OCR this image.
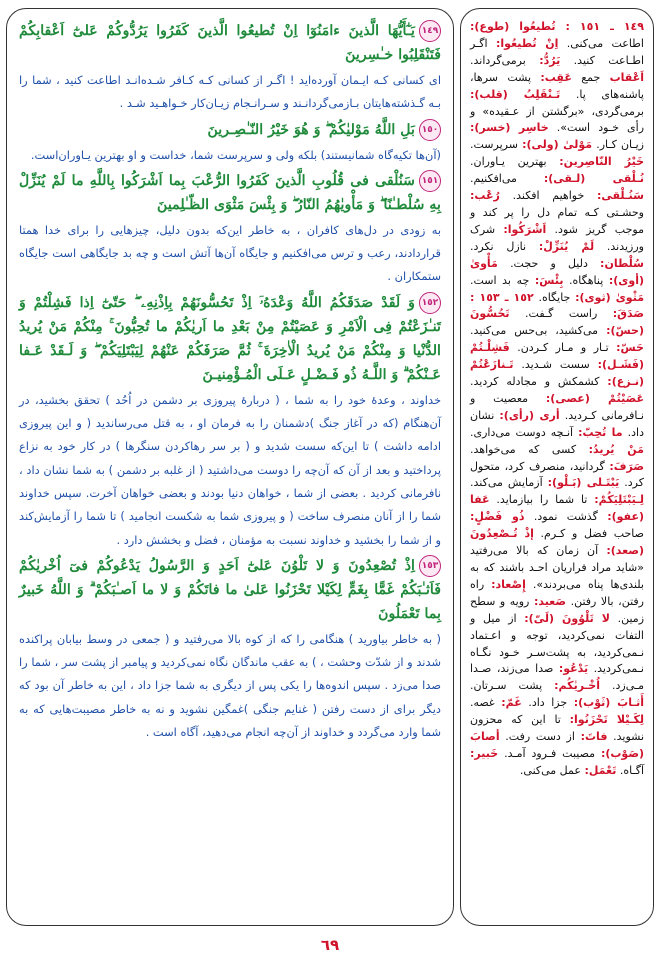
١٤٩يَـٰٓأَيُّهَا الَّذينَ ءامَنُوٓا اِنْ تُطيعُوا الَّذينَ كَفَرُوا يَرُدُّوكُمْ عَلىٰٓ اَعْقابِكُمْ فَتَنْقَلِبُوا خـٰسِرينَ
ای کسانی کـه ایـمان آورده‌اید ! اگـر از کسانی کـه کـافر شـده‌انـد اطاعت کنید ، شما را بـه گـذشته‌هایتان بـازمی‌گردانـند و سـرانـجام زیـان‌کار خـواهـید شـد .
١٥٠بَلِ اللَّهُ مَوْليٰكُمْ ۖ وَ هُوَ خَيْرُ النّـٰصِـرينَ
(آن‌ها تکیه‌گاه شمانیستند) بلکه ولی و سرپرست شما، خداست و او بهترین یـاوران‌است.
١٥١سَنُلْقى فى قُلُوبِ الَّذينَ كَفَرُوا الرُّعْبَ بِما اَشْرَكُوا بِاللَّهِ ما لَمْ يُنَزِّلْ بِهِ سُلْطـٰنًا ۖ وَ مَأْويٰهُمُ النّارُ ۖ وَ بِئْسَ مَثْوَى الظّـٰلِمينَ
به زودی در دل‌های کافران ، به خاطر این‌که بدون دلیل، چیزهایی را برای خدا همتا قراردادند، رعب و ترس می‌افکنیم و جایگاه آن‌ها آتش است و چه بد جایگاهی است جایگاه ستمکاران .
١٥٢وَ لَقَدْ صَدَقَكُمُ اللَّهُ وَعْدَهُۥٓ اِذْ تَحُسُّونَهُمْ بِاِذْنِهِۦ ۖ حَتّىٰٓ اِذا فَشِلْتُمْ وَ تَنـٰزَعْتُمْ فِى الْاَمْرِ وَ عَصَيْتُمْ مِنْ بَعْدِ ما اَريٰكُمْ ما تُحِبُّونَ ۚ مِنْكُمْ مَنْ يُريدُ الدُّنْيا وَ مِنْكُمْ مَنْ يُريدُ الْاٰخِرَةَ ۚ ثُمَّ صَرَفَكُمْ عَنْهُمْ لِيَبْتَلِيَكُمْ ۖ وَ لَـقَدْ عَـفا عَـنْكُمْ ۗ وَ اللَّـهُ ذُو فَـضْـلٍ عَـلَى الْمُـؤْمِنيـنَ
خداوند ، وعدهٔ خود را به شما ، ( دربارهٔ پیروزی بر دشمن در اُحُد ) تحقق بخشید، در آن‌هنگام (که در آغاز جنگ )دشمنان را به فرمان او ، به قتل می‌رساندید ( و این پیروزی ادامه داشت ) تا این‌که سست شدید و ( بر سر رهاکردن سنگرها ) در کار خود به نزاع پرداختید و بعد از آن که آن‌چه را دوست می‌داشتید ( از غلبه بر دشمن ) به شما نشان داد ، نافرمانی کردید . بعضی از شما ، خواهان دنیا بودند و بعضی خواهان آخرت. سپس خداوند شما را از آنان منصرف ساخت ( و پیروزی شما به شکست انجامید ) تا شما را آزمایش‌کند و از شما را بخشید و خداوند نسبت به مؤمنان ، فضل و بخشش دارد .
١٥٣اِذْ تُصْعِدُونَ وَ لا تَلْوُنَ عَلىٰٓ اَحَدٍ وَ الرَّسُولُ يَدْعُوكُمْ فىٓ اُخْريٰكُمْ فَاَثـٰبَكُمْ غَمًّا بِغَمٍّ لِكَيْلا تَحْزَنُوا عَلىٰ ما فاتَكُمْ وَ لا ما اَصـٰبَكُمْ ۗ وَ اللَّهُ خَبيرٌ بِما تَعْمَلُونَ
( به خاطر بیاورید ) هنگامی را که از کوه بالا می‌رفتید و ( جمعی در وسط بیابان پراکنده شدند و از شدّت وحشت ، ) به عقب ماندگان نگاه نمی‌کردید و پیامبر از پشت سر ، شما را صدا می‌زد . سپس اندوه‌ها را یکی پس از دیگری به شما جزا داد ، این به خاطر آن بود که دیگر برای از دست رفتن ( غنایم جنگی )غمگین نشوید و نه به خاطر مصیبت‌هایی که به شما وارد می‌گردد و خداوند از آن‌چه انجام می‌دهید، آگاه است .
١٤٩ ـ ١٥١ : تُطیعُوا (طوع): اطاعت می‌کنی. اِنْ تُطیعُوا: اگـر اطـاعت کنید. یَرُدُّ: برمی‌گرداند. اَعْقاب جمع عَقِب: پشت سرها، پاشنه‌های پا. تَـنْقَلِبُ (قلب): برمی‌گردی، «برگشتن از عـقیده» و رأی خـود است». خاسِر (خسر): زیـان کـار. مَوْلیٰ (ولی): سرپرست. خَیْرُ النّاصِرین: بهترین یـاوران. نُـلْقى (لـقی): می‌افکنیم. سَنُـلْقى: خواهیم افکند. رُعْب: وحشـتی کـه تمام دل را پر کند و موجب گریز شود. اَشْرَكُوا: شرک ورزیدند. لَمْ یُنَزِّلْ: نازل نکرد. سُلْطان: دلیل و حجت. مَأْوىٰ (أوی): پناهگاه. بِئْسَ: چه بد است. مَثْوىٰ (ثوی): جایگاه. ١٥٢ ـ ١٥٣ : صَدَقَ: راست گـفت. تَحُسُّونَ (حسّ): می‌کشید، بی‌حس می‌کنید. حَسّ: تـار و مـار کـردن. فَشِلْـتُمْ (فَشَـل): سست شـدید. تَـنازَعْتُمْ (نـزع): کشمکش و مجادله کردید. عَصَیْتُمْ (عصی): معصیت و نـافرمانی کـردید. أری (رأی): نشان داد. ما تُحِبّ: آنـچه دوست می‌داری. مَنْ یُریدُ: کسی که می‌خواهد. صَرَفَ: گردانید، منصرف کرد، متحول کرد. یَبْتَـلی (بَـلْو): آزمایش می‌کند. لِـیَبْتَلِیَکُمْ: تا شما را بیازماید. عَفا (عفو): گذشت نمود. ذُو فَضْلٍ: صاحب فضل و کـرم. إذْ تُـصْعِدُونَ (صعد): آن زمان که بالا می‌رفتید «شاید مراد فراریان احـد باشند که به بلندی‌ها پناه می‌بردند». إِصْعاد: راه رفتن، بالا رفتن. صَعید: رویه و سطح زمین. لا تَلْوُونَ (لَیّ): از میل و التفات نمی‌کردید، توجه و اعـتماد نـمی‌کردید، به پشت‌سـر خـود نگـاه نـمی‌کردید. یَدْعُو: صدا می‌زند، صـدا مـی‌زد. اُخْـریٰکُم: پشت سـرتان. أَثـابَ (ثَوْب): جزا داد. غَمّ: غصه. لِکَـیْلا تَحْزَنُوا: تا این که محزون نشوید. فاتَ: از دست رفت. أصابَ (صَوْب): مصیبت فـرود آمـد. خَبیر: آگـاه. تَعْمَل: عمل می‌کنی.
٦٩
